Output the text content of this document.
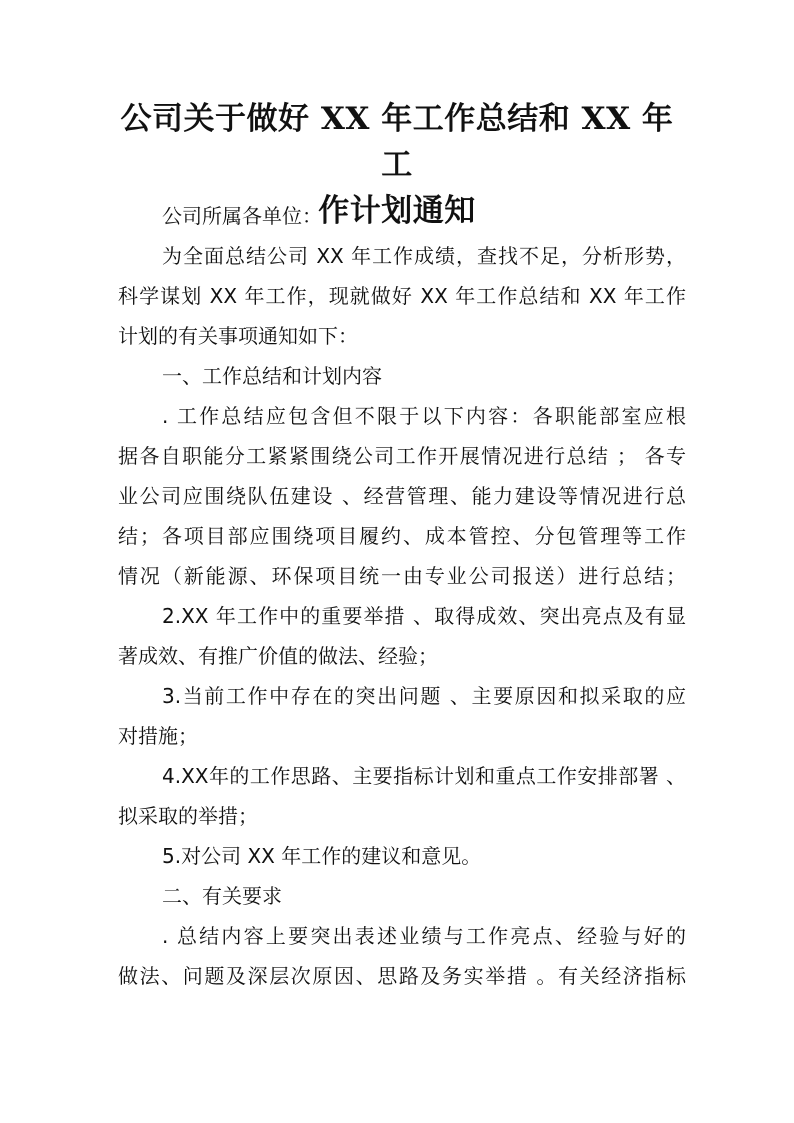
公司关于做好 XX 年工作总结和 XX 年工
作计划通知
公司所属各单位：
为全面总结公司 XX 年工作成绩，查找不足，分析形势，
科学谋划 XX 年工作，现就做好 XX 年工作总结和 XX 年工作
计划的有关事项通知如下：
一、工作总结和计划内容
. 工作总结应包含但不限于以下内容：各职能部室应根
据各自职能分工紧紧围绕公司工作开展情况进行总结 ； 各专
业公司应围绕队伍建设 、经营管理、能力建设等情况进行总
结；各项目部应围绕项目履约、成本管控、分包管理等工作
情况（新能源、环保项目统一由专业公司报送）进行总结；
2.XX 年工作中的重要举措 、取得成效、突出亮点及有显
著成效、有推广价值的做法、经验；
3.当前工作中存在的突出问题 、主要原因和拟采取的应
对措施；
4.XX年的工作思路、主要指标计划和重点工作安排部署 、
拟采取的举措；
5.对公司 XX 年工作的建议和意见。
二、有关要求
. 总结内容上要突出表述业绩与工作亮点、经验与好的
做法、问题及深层次原因、思路及务实举措 。有关经济指标
